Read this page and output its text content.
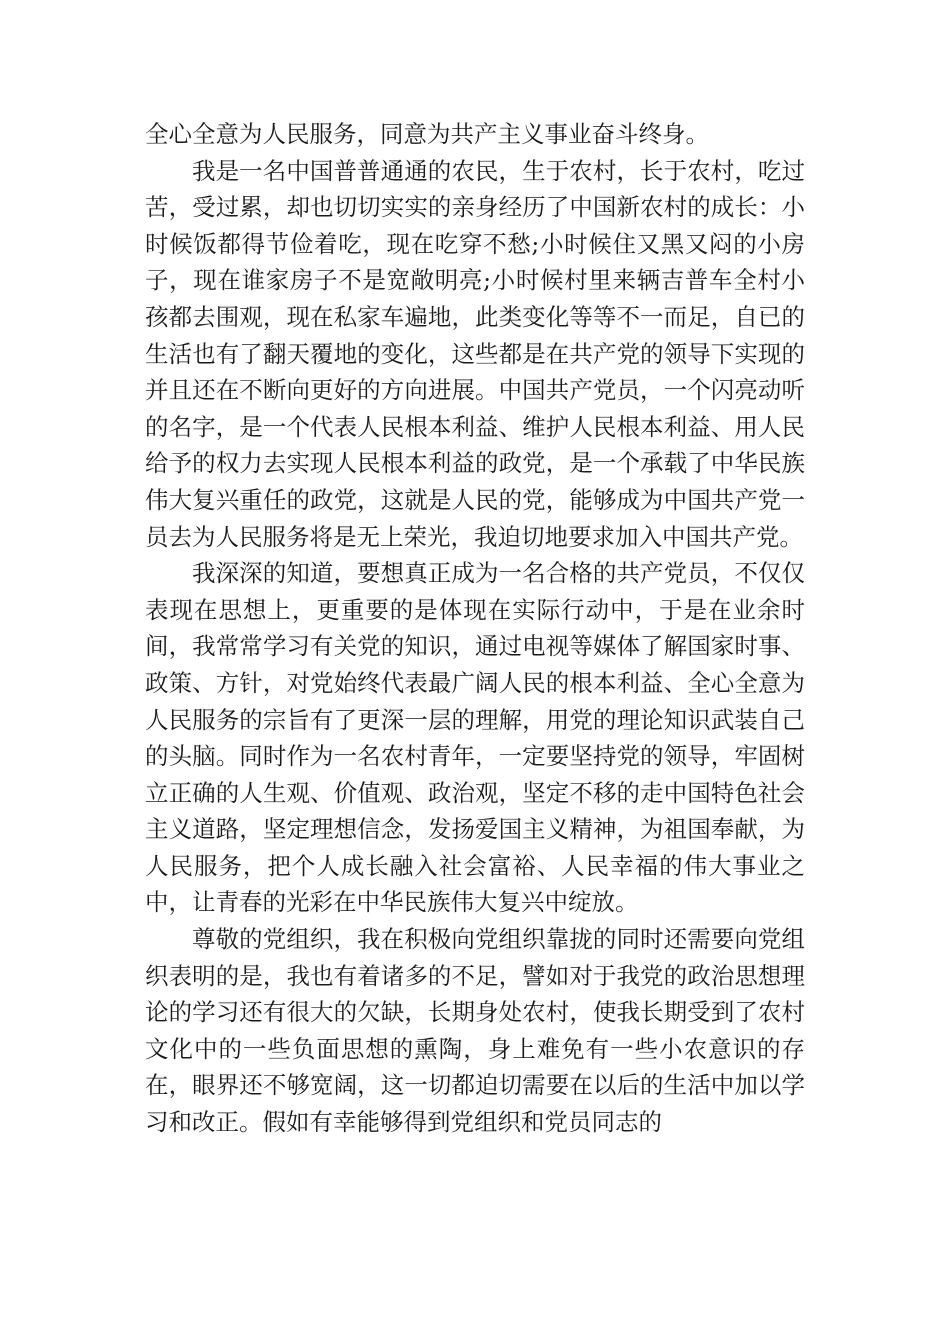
全心全意为人民服务，同意为共产主义事业奋斗终身。

我是一名中国普普通通的农民，生于农村，长于农村，吃过苦，受过累，却也切切实实的亲身经历了中国新农村的成长：小时候饭都得节俭着吃，现在吃穿不愁;小时候住又黑又闷的小房子，现在谁家房子不是宽敞明亮;小时候村里来辆吉普车全村小孩都去围观，现在私家车遍地，此类变化等等不一而足，自已的生活也有了翻天覆地的变化，这些都是在共产党的领导下实现的并且还在不断向更好的方向进展。中国共产党员，一个闪亮动听的名字，是一个代表人民根本利益、维护人民根本利益、用人民给予的权力去实现人民根本利益的政党，是一个承载了中华民族伟大复兴重任的政党，这就是人民的党，能够成为中国共产党一员去为人民服务将是无上荣光，我迫切地要求加入中国共产党。

我深深的知道，要想真正成为一名合格的共产党员，不仅仅表现在思想上，更重要的是体现在实际行动中，于是在业余时间，我常常学习有关党的知识，通过电视等媒体了解国家时事、政策、方针，对党始终代表最广阔人民的根本利益、全心全意为人民服务的宗旨有了更深一层的理解，用党的理论知识武装自己的头脑。同时作为一名农村青年，一定要坚持党的领导，牢固树立正确的人生观、价值观、政治观，坚定不移的走中国特色社会主义道路，坚定理想信念，发扬爱国主义精神，为祖国奉献，为人民服务，把个人成长融入社会富裕、人民幸福的伟大事业之中，让青春的光彩在中华民族伟大复兴中绽放。

尊敬的党组织，我在积极向党组织靠拢的同时还需要向党组织表明的是，我也有着诸多的不足，譬如对于我党的政治思想理论的学习还有很大的欠缺，长期身处农村，使我长期受到了农村文化中的一些负面思想的熏陶，身上难免有一些小农意识的存在，眼界还不够宽阔，这一切都迫切需要在以后的生活中加以学习和改正。假如有幸能够得到党组织和党员同志的
